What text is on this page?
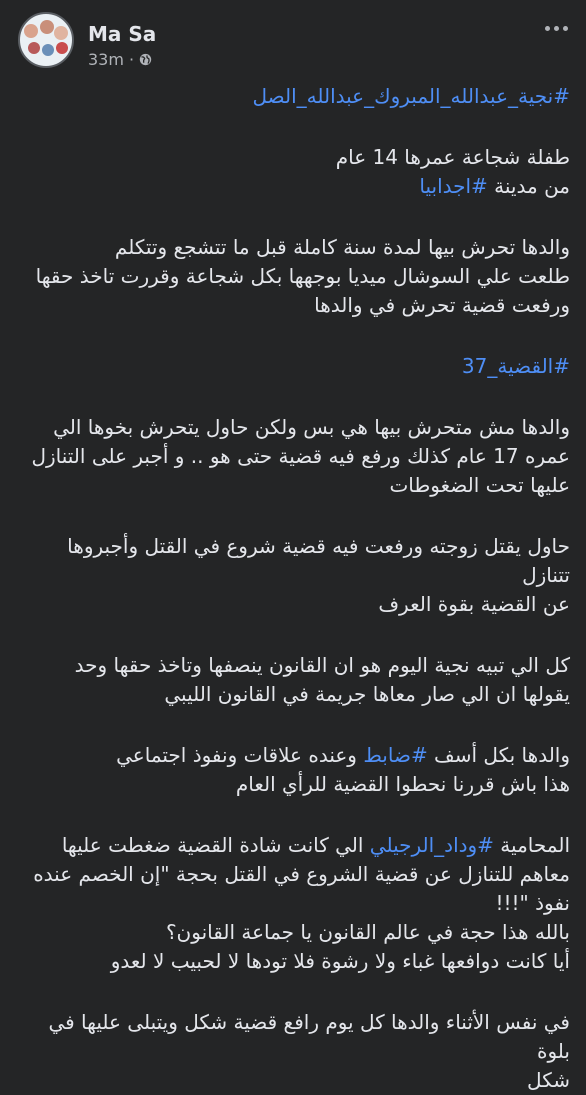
Ma Sa
33m ·

#نجية_عبدالله_المبروك_عبدالله_الصل

طفلة شجاعة عمرها 14 عام

من مدينة #اجدابيا

والدها تحرش بيها لمدة سنة كاملة قبل ما تتشجع وتتكلم

طلعت علي السوشال ميديا بوجهها بكل شجاعة وقررت تاخذ حقها

ورفعت قضية تحرش في والدها

#القضية_37

والدها مش متحرش بيها هي بس ولكن حاول يتحرش بخوها الي

عمره 17 عام كذلك ورفع فيه قضية حتى هو .. و أجبر على التنازل

عليها تحت الضغوطات

حاول يقتل زوجته ورفعت فيه قضية شروع في القتل وأجبروها تتنازل

عن القضية بقوة العرف

كل الي تبيه نجية اليوم هو ان القانون ينصفها وتاخذ حقها وحد

يقولها ان الي صار معاها جريمة في القانون الليبي

والدها بكل أسف #ضابط وعنده علاقات ونفوذ اجتماعي

هذا باش قررنا نحطوا القضية للرأي العام

المحامية #وداد_الرجيلي الي كانت شادة القضية ضغطت عليها

معاهم للتنازل عن قضية الشروع في القتل بحجة "إن الخصم عنده

نفوذ "!!!

بالله هذا حجة في عالم القانون يا جماعة القانون؟

أيا كانت دوافعها غباء ولا رشوة فلا تودها لا لحبيب لا لعدو

في نفس الأثناء والدها كل يوم رافع قضية شكل ويتبلى عليها في بلوة

شكل
